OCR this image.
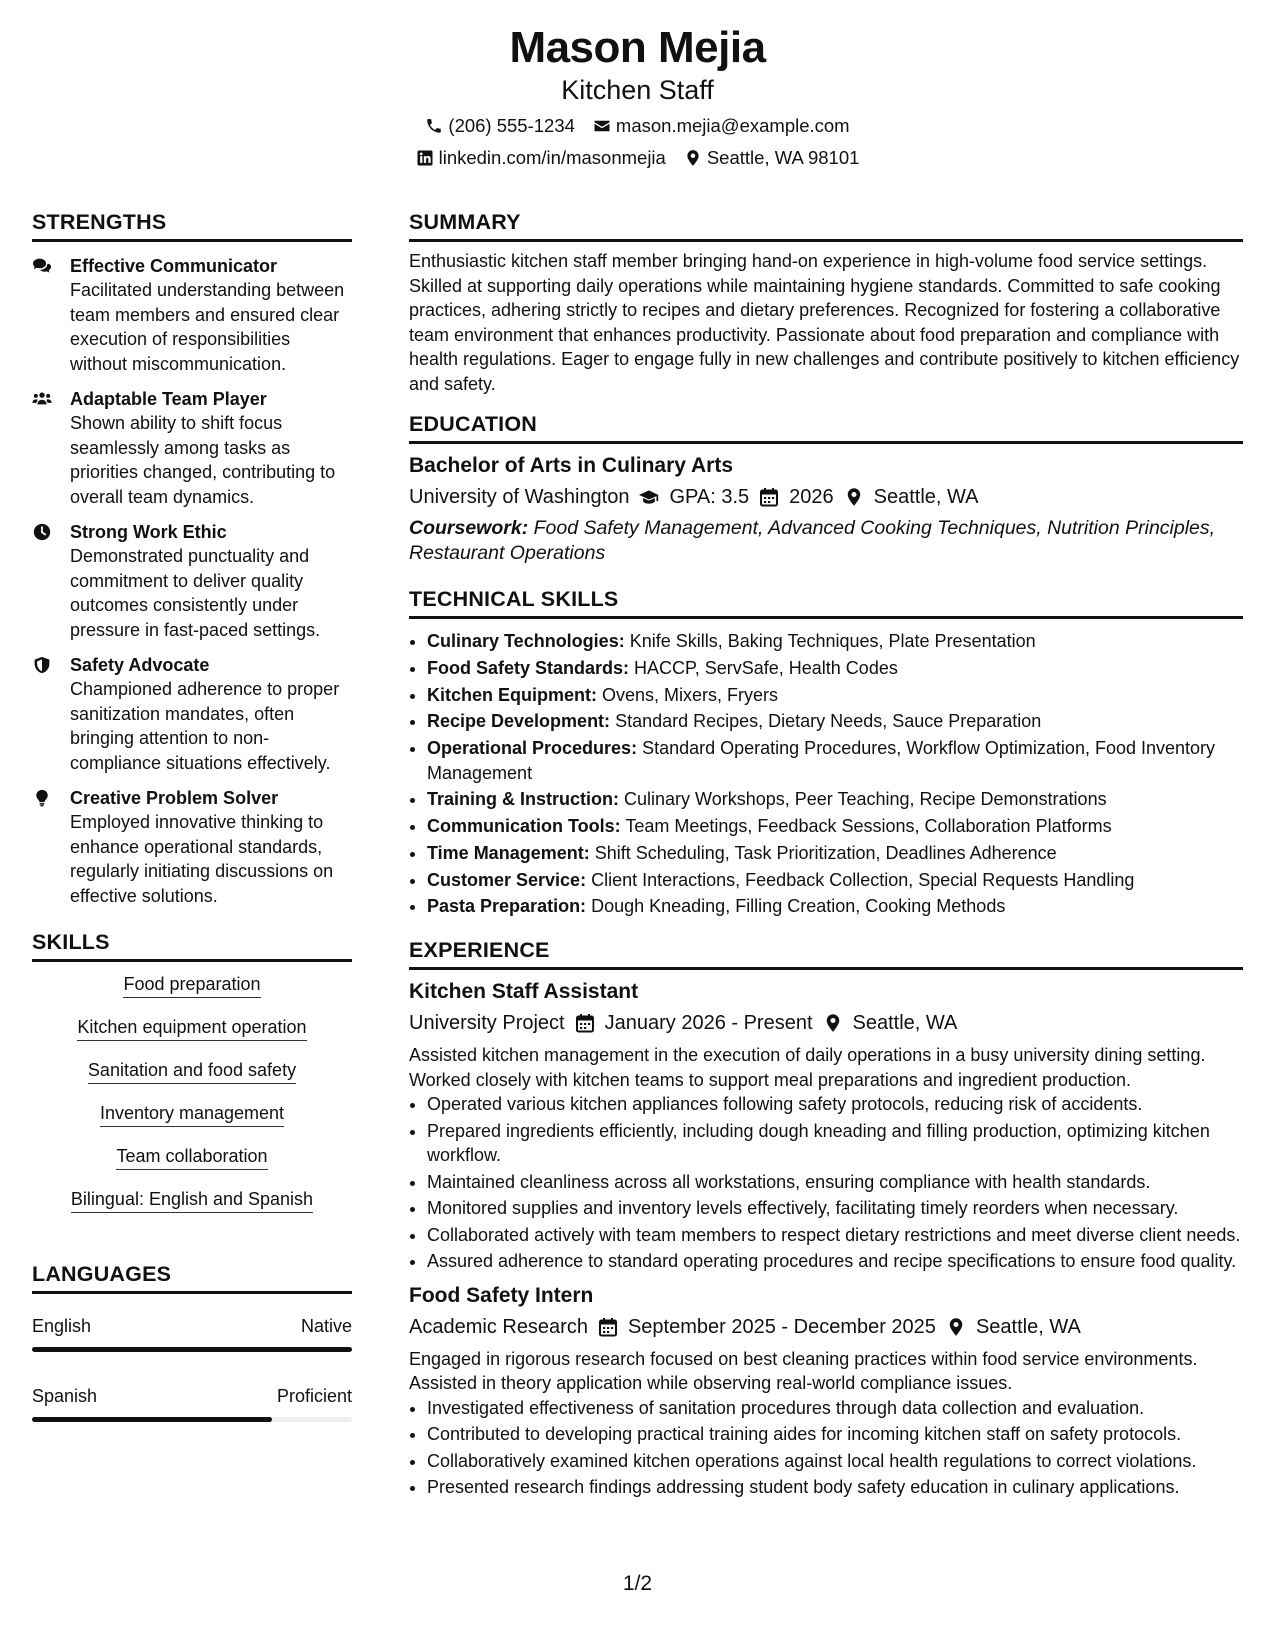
Mason Mejia
Kitchen Staff
(206) 555-1234 mason.mejia@example.com
linkedin.com/in/masonmejia Seattle, WA 98101
STRENGTHS
Effective Communicator
Facilitated understanding between team members and ensured clear execution of responsibilities without miscommunication.
Adaptable Team Player
Shown ability to shift focus seamlessly among tasks as priorities changed, contributing to overall team dynamics.
Strong Work Ethic
Demonstrated punctuality and commitment to deliver quality outcomes consistently under pressure in fast-paced settings.
Safety Advocate
Championed adherence to proper sanitization mandates, often bringing attention to non-compliance situations effectively.
Creative Problem Solver
Employed innovative thinking to enhance operational standards, regularly initiating discussions on effective solutions.
SKILLS
Food preparation
Kitchen equipment operation
Sanitation and food safety
Inventory management
Team collaboration
Bilingual: English and Spanish
LANGUAGES
English	Native
Spanish	Proficient
SUMMARY
Enthusiastic kitchen staff member bringing hand-on experience in high-volume food service settings. Skilled at supporting daily operations while maintaining hygiene standards. Committed to safe cooking practices, adhering strictly to recipes and dietary preferences. Recognized for fostering a collaborative team environment that enhances productivity. Passionate about food preparation and compliance with health regulations. Eager to engage fully in new challenges and contribute positively to kitchen efficiency and safety.
EDUCATION
Bachelor of Arts in Culinary Arts
University of Washington GPA: 3.5 2026 Seattle, WA
Coursework: Food Safety Management, Advanced Cooking Techniques, Nutrition Principles, Restaurant Operations
TECHNICAL SKILLS
• Culinary Technologies: Knife Skills, Baking Techniques, Plate Presentation
• Food Safety Standards: HACCP, ServSafe, Health Codes
• Kitchen Equipment: Ovens, Mixers, Fryers
• Recipe Development: Standard Recipes, Dietary Needs, Sauce Preparation
• Operational Procedures: Standard Operating Procedures, Workflow Optimization, Food Inventory Management
• Training & Instruction: Culinary Workshops, Peer Teaching, Recipe Demonstrations
• Communication Tools: Team Meetings, Feedback Sessions, Collaboration Platforms
• Time Management: Shift Scheduling, Task Prioritization, Deadlines Adherence
• Customer Service: Client Interactions, Feedback Collection, Special Requests Handling
• Pasta Preparation: Dough Kneading, Filling Creation, Cooking Methods
EXPERIENCE
Kitchen Staff Assistant
University Project January 2026 - Present Seattle, WA
Assisted kitchen management in the execution of daily operations in a busy university dining setting. Worked closely with kitchen teams to support meal preparations and ingredient production.
• Operated various kitchen appliances following safety protocols, reducing risk of accidents.
• Prepared ingredients efficiently, including dough kneading and filling production, optimizing kitchen workflow.
• Maintained cleanliness across all workstations, ensuring compliance with health standards.
• Monitored supplies and inventory levels effectively, facilitating timely reorders when necessary.
• Collaborated actively with team members to respect dietary restrictions and meet diverse client needs.
• Assured adherence to standard operating procedures and recipe specifications to ensure food quality.
Food Safety Intern
Academic Research September 2025 - December 2025 Seattle, WA
Engaged in rigorous research focused on best cleaning practices within food service environments. Assisted in theory application while observing real-world compliance issues.
• Investigated effectiveness of sanitation procedures through data collection and evaluation.
• Contributed to developing practical training aides for incoming kitchen staff on safety protocols.
• Collaboratively examined kitchen operations against local health regulations to correct violations.
• Presented research findings addressing student body safety education in culinary applications.
1/2
